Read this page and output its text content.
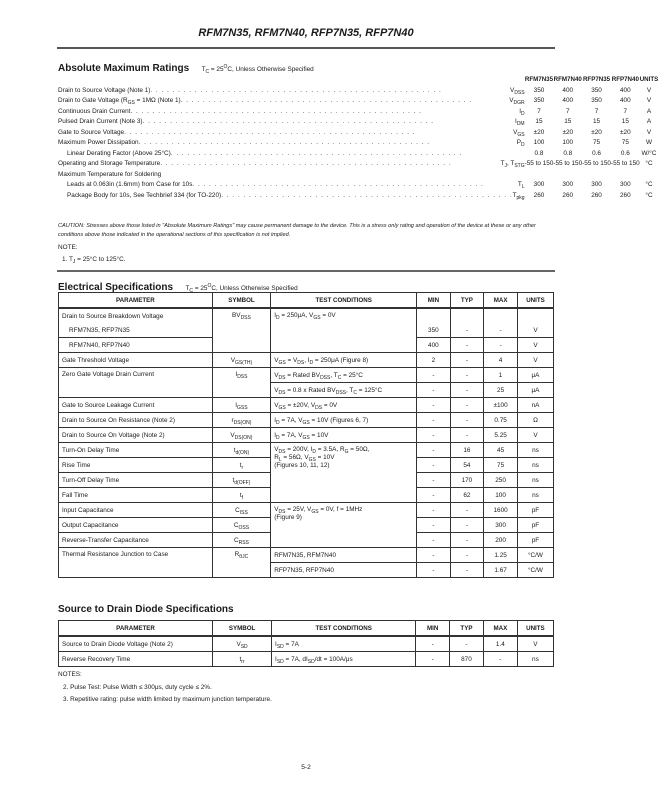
RFM7N35, RFM7N40, RFP7N35, RFP7N40
Absolute Maximum Ratings $T_C = 25^OC$, Unless Otherwise Specified
	RFM7N35	RFM7N40	RFP7N35	RFP7N40	UNITS

Drain to Source Voltage (Note 1) . . . . . . . . . . . . . . . . . . . . . . . . . . . . . . . . . . . . . . . . . . . . . . . . . . . . . $V_{DSS}$	350	400	350	400	V

Drain to Gate Voltage ($R_{GS} = 1M\Omega$ (Note 1) . . . . . . . . . . . . . . . . . . . . . . . . . . . . . . . . . . . . . . . . . . . . . . . . . . . . . $V_{DGR}$	350	400	350	400	V

Continuous Drain Current . . . . . . . . . . . . . . . . . . . . . . . . . . . . . . . . . . . . . . . . . . . . . . . . . . . . . $I_D$	7	7	7	7	A

Pulsed Drain Current (Note 3) . . . . . . . . . . . . . . . . . . . . . . . . . . . . . . . . . . . . . . . . . . . . . . . . . . . . . $I_{DM}$	15	15	15	15	A

Gate to Source Voltage . . . . . . . . . . . . . . . . . . . . . . . . . . . . . . . . . . . . . . . . . . . . . . . . . . . . . $V_{GS}$	±20	±20	±20	±20	V

Maximum Power Dissipation . . . . . . . . . . . . . . . . . . . . . . . . . . . . . . . . . . . . . . . . . . . . . . . . . . . . . $P_D$	100	100	75	75	W

Linear Derating Factor (Above 25°C) . . . . . . . . . . . . . . . . . . . . . . . . . . . . . . . . . . . . . . . . . . . . . . . . . . . . .	0.8	0.8	0.6	0.6	W/°C

Operating and Storage Temperature . . . . . . . . . . . . . . . . . . . . . . . . . . . . . . . . . . . . . . . . . . . . . . . . . . . . . $T_J$, $T_{STG}$	-55 to 150	-55 to 150	-55 to 150	-55 to 150	°C
Maximum Temperature for Soldering					

Leads at 0.063in (1.6mm) from Case for 10s . . . . . . . . . . . . . . . . . . . . . . . . . . . . . . . . . . . . . . . . . . . . . . . . . . . . . $T_L$	300	300	300	300	°C

Package Body for 10s, See Techbrief 334 (for TO-220) . . . . . . . . . . . . . . . . . . . . . . . . . . . . . . . . . . . . . . . . . . . . . . . . . . . . . $T_{pkg}$	260	260	260	260	°C
CAUTION: Stresses above those listed in "Absolute Maximum Ratings" may cause permanent damage to the device. This is a stress only rating and operation of the device at these or any other conditions above those indicated in the operational sections of this specification is not implied.
NOTE:
1. $T_J = 25^\circ C$ to 125°C.
Electrical Specifications $T_C = 25^OC$, Unless Otherwise Specified
PARAMETER	SYMBOL	TEST CONDITIONS	MIN	TYP	MAX	UNITS
Drain to Source Breakdown Voltage	$BV_{DSS}$	$I_D = 250\mu A$, $V_{GS} = 0V$				
RFM7N35, RFP7N35			350	-	-	V
RFM7N40, RFP7N40			400	-	-	V
Gate Threshold Voltage	$V_{GS(TH)}$	$V_{GS} = V_{DS}$, $I_D = 250\mu A$ (Figure 8)	2	-	4	V
Zero Gate Voltage Drain Current	$I_{DSS}$	$V_{DS}$ = Rated $BV_{DSS}$, $T_C = 25^\circ C$	-	-	1	μA
		$V_{DS} = 0.8$ x Rated $BV_{DSS}$, $T_C = 125^\circ C$	-	-	25	μA
Gate to Source Leakage Current	$I_{GSS}$	$V_{GS} = \pm 20V$, $V_{DS} = 0V$	-	-	±100	nA
Drain to Source On Resistance (Note 2)	$r_{DS(ON)}$	$I_D = 7A$, $V_{GS} = 10V$ (Figures 6, 7)	-	-	0.75	Ω
Drain to Source On Voltage (Note 2)	$V_{DS(ON)}$	$I_D = 7A$, $V_{GS} = 10V$	-	-	5.25	V
Turn-On Delay Time	$t_{d(ON)}$	$V_{DS} = 200V$, $I_D = 3.5A$, $R_G = 50\Omega$,
$R_L = 56\Omega$, $V_{GS} = 10V$
(Figures 10, 11, 12)	-	16	45	ns
Rise Time	$t_r$		-	54	75	ns
Turn-Off Delay Time	$t_{d(OFF)}$		-	170	250	ns
Fall Time	$t_f$		-	62	100	ns
Input Capacitance	$C_{ISS}$	$V_{DS} = 25V$, $V_{GS} = 0V$, f = 1MHz
(Figure 9)	-	-	1600	pF
Output Capacitance	$C_{OSS}$		-	-	300	pF
Reverse-Transfer Capacitance	$C_{RSS}$		-	-	200	pF
Thermal Resistance Junction to Case	$R_{\theta JC}$	RFM7N35, RFM7N40	-	-	1.25	°C/W
		RFP7N35, RFP7N40	-	-	1.67	°C/W
Source to Drain Diode Specifications
PARAMETER	SYMBOL	TEST CONDITIONS	MIN	TYP	MAX	UNITS
Source to Drain Diode Voltage (Note 2)	$V_{SD}$	$I_{SD} = 7A$	-	-	1.4	V
Reverse Recovery Time	$t_{rr}$	$I_{SD} = 7A$, $dI_{SD}/dt = 100A/\mu s$	-	870	-	ns
NOTES:
2. Pulse Test: Pulse Width ≤ 300μs, duty cycle ≤ 2%.
3. Repetitive rating: pulse width limited by maximum junction temperature.
5-2
